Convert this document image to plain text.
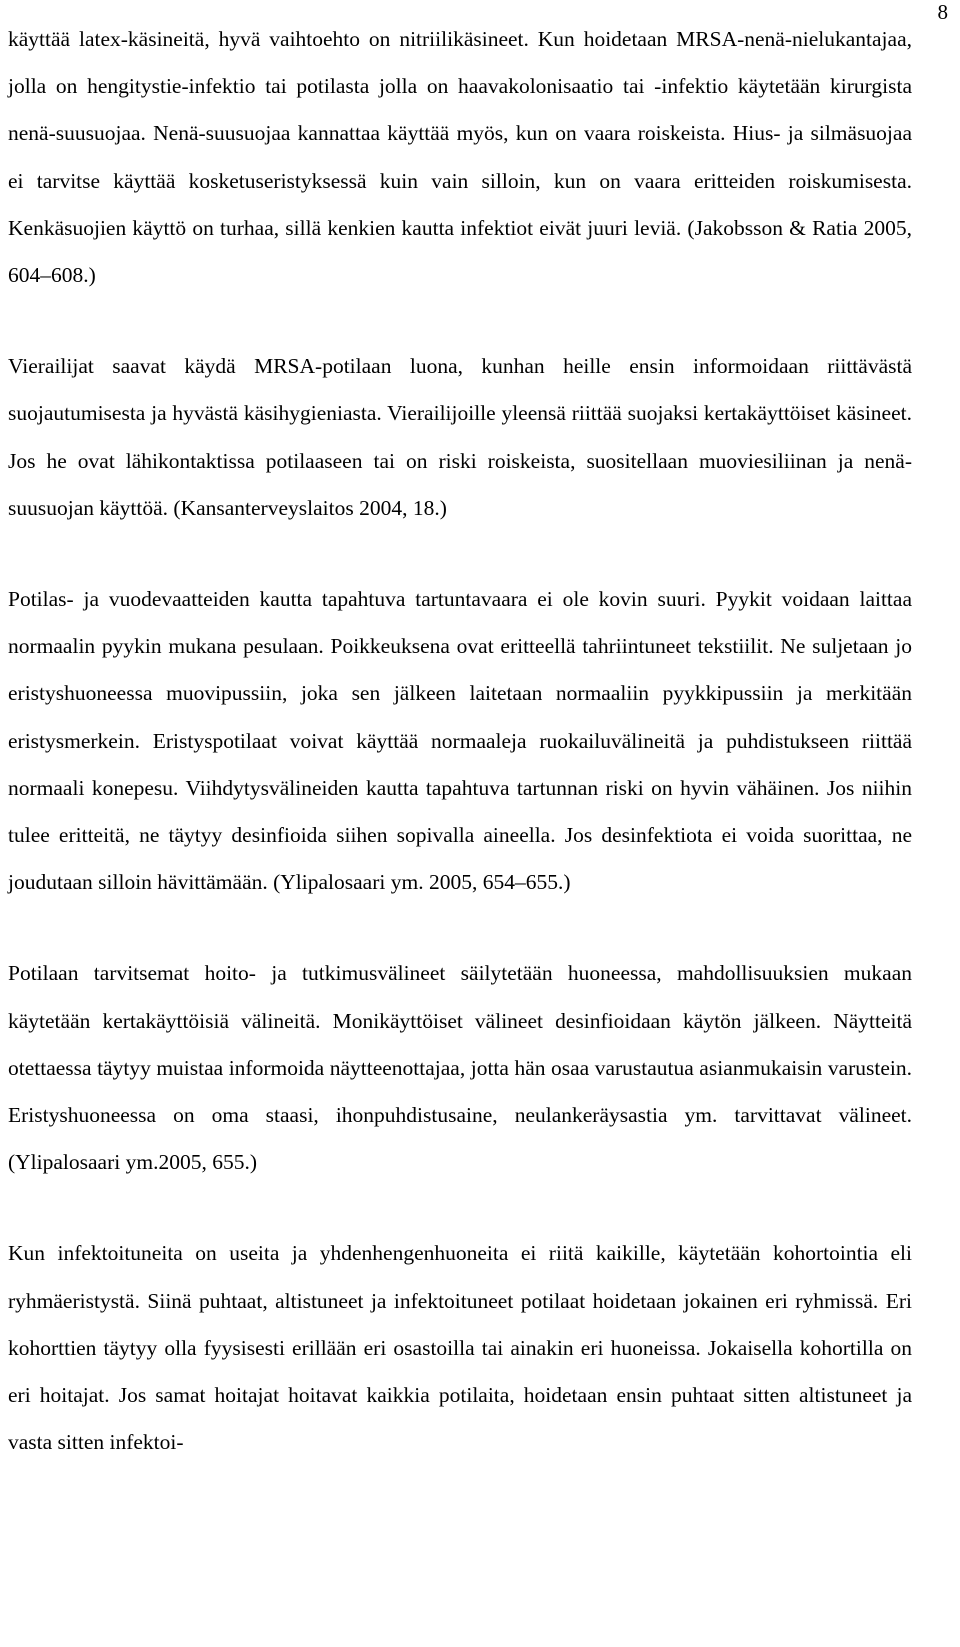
8

käyttää latex-käsineitä, hyvä vaihtoehto on nitriilikäsineet. Kun hoidetaan MRSA-nenä-nielukantajaa, jolla on hengitystie-infektio tai potilasta jolla on haavakolonisaatio tai -infektio käytetään kirurgista nenä-suusuojaa. Nenä-suusuojaa kannattaa käyttää myös, kun on vaara roiskeista. Hius- ja silmäsuojaa ei tarvitse käyttää kosketuseristyksessä kuin vain silloin, kun on vaara eritteiden roiskumisesta. Kenkäsuojien käyttö on turhaa, sillä kenkien kautta infektiot eivät juuri leviä. (Jakobsson & Ratia 2005, 604–608.)

Vierailijat saavat käydä MRSA-potilaan luona, kunhan heille ensin informoidaan riittävästä suojautumisesta ja hyvästä käsihygieniasta. Vierailijoille yleensä riittää suojaksi kertakäyttöiset käsineet. Jos he ovat lähikontaktissa potilaaseen tai on riski roiskeista, suositellaan muoviesiliinan ja nenä-suusuojan käyttöä. (Kansanterveyslaitos 2004, 18.)

Potilas- ja vuodevaatteiden kautta tapahtuva tartuntavaara ei ole kovin suuri. Pyykit voidaan laittaa normaalin pyykin mukana pesulaan. Poikkeuksena ovat eritteellä tahriintuneet tekstiilit. Ne suljetaan jo eristyshuoneessa muovipussiin, joka sen jälkeen laitetaan normaaliin pyykkipussiin ja merkitään eristysmerkein. Eristyspotilaat voivat käyttää normaaleja ruokailuvälineitä ja puhdistukseen riittää normaali konepesu. Viihdytysvälineiden kautta tapahtuva tartunnan riski on hyvin vähäinen. Jos niihin tulee eritteitä, ne täytyy desinfioida siihen sopivalla aineella. Jos desinfektiota ei voida suorittaa, ne joudutaan silloin hävittämään. (Ylipalosaari ym. 2005, 654–655.)

Potilaan tarvitsemat hoito- ja tutkimusvälineet säilytetään huoneessa, mahdollisuuksien mukaan käytetään kertakäyttöisiä välineitä. Monikäyttöiset välineet desinfioidaan käytön jälkeen. Näytteitä otettaessa täytyy muistaa informoida näytteenottajaa, jotta hän osaa varustautua asianmukaisin varustein. Eristyshuoneessa on oma staasi, ihonpuhdistusaine, neulankeräysastia ym. tarvittavat välineet. (Ylipalosaari ym.2005, 655.)

Kun infektoituneita on useita ja yhdenhengenhuoneita ei riitä kaikille, käytetään kohortointia eli ryhmäeristystä. Siinä puhtaat, altistuneet ja infektoituneet potilaat hoidetaan jokainen eri ryhmissä. Eri kohorttien täytyy olla fyysisesti erillään eri osastoilla tai ainakin eri huoneissa. Jokaisella kohortilla on eri hoitajat. Jos samat hoitajat hoitavat kaikkia potilaita, hoidetaan ensin puhtaat sitten altistuneet ja vasta sitten infektoi-
